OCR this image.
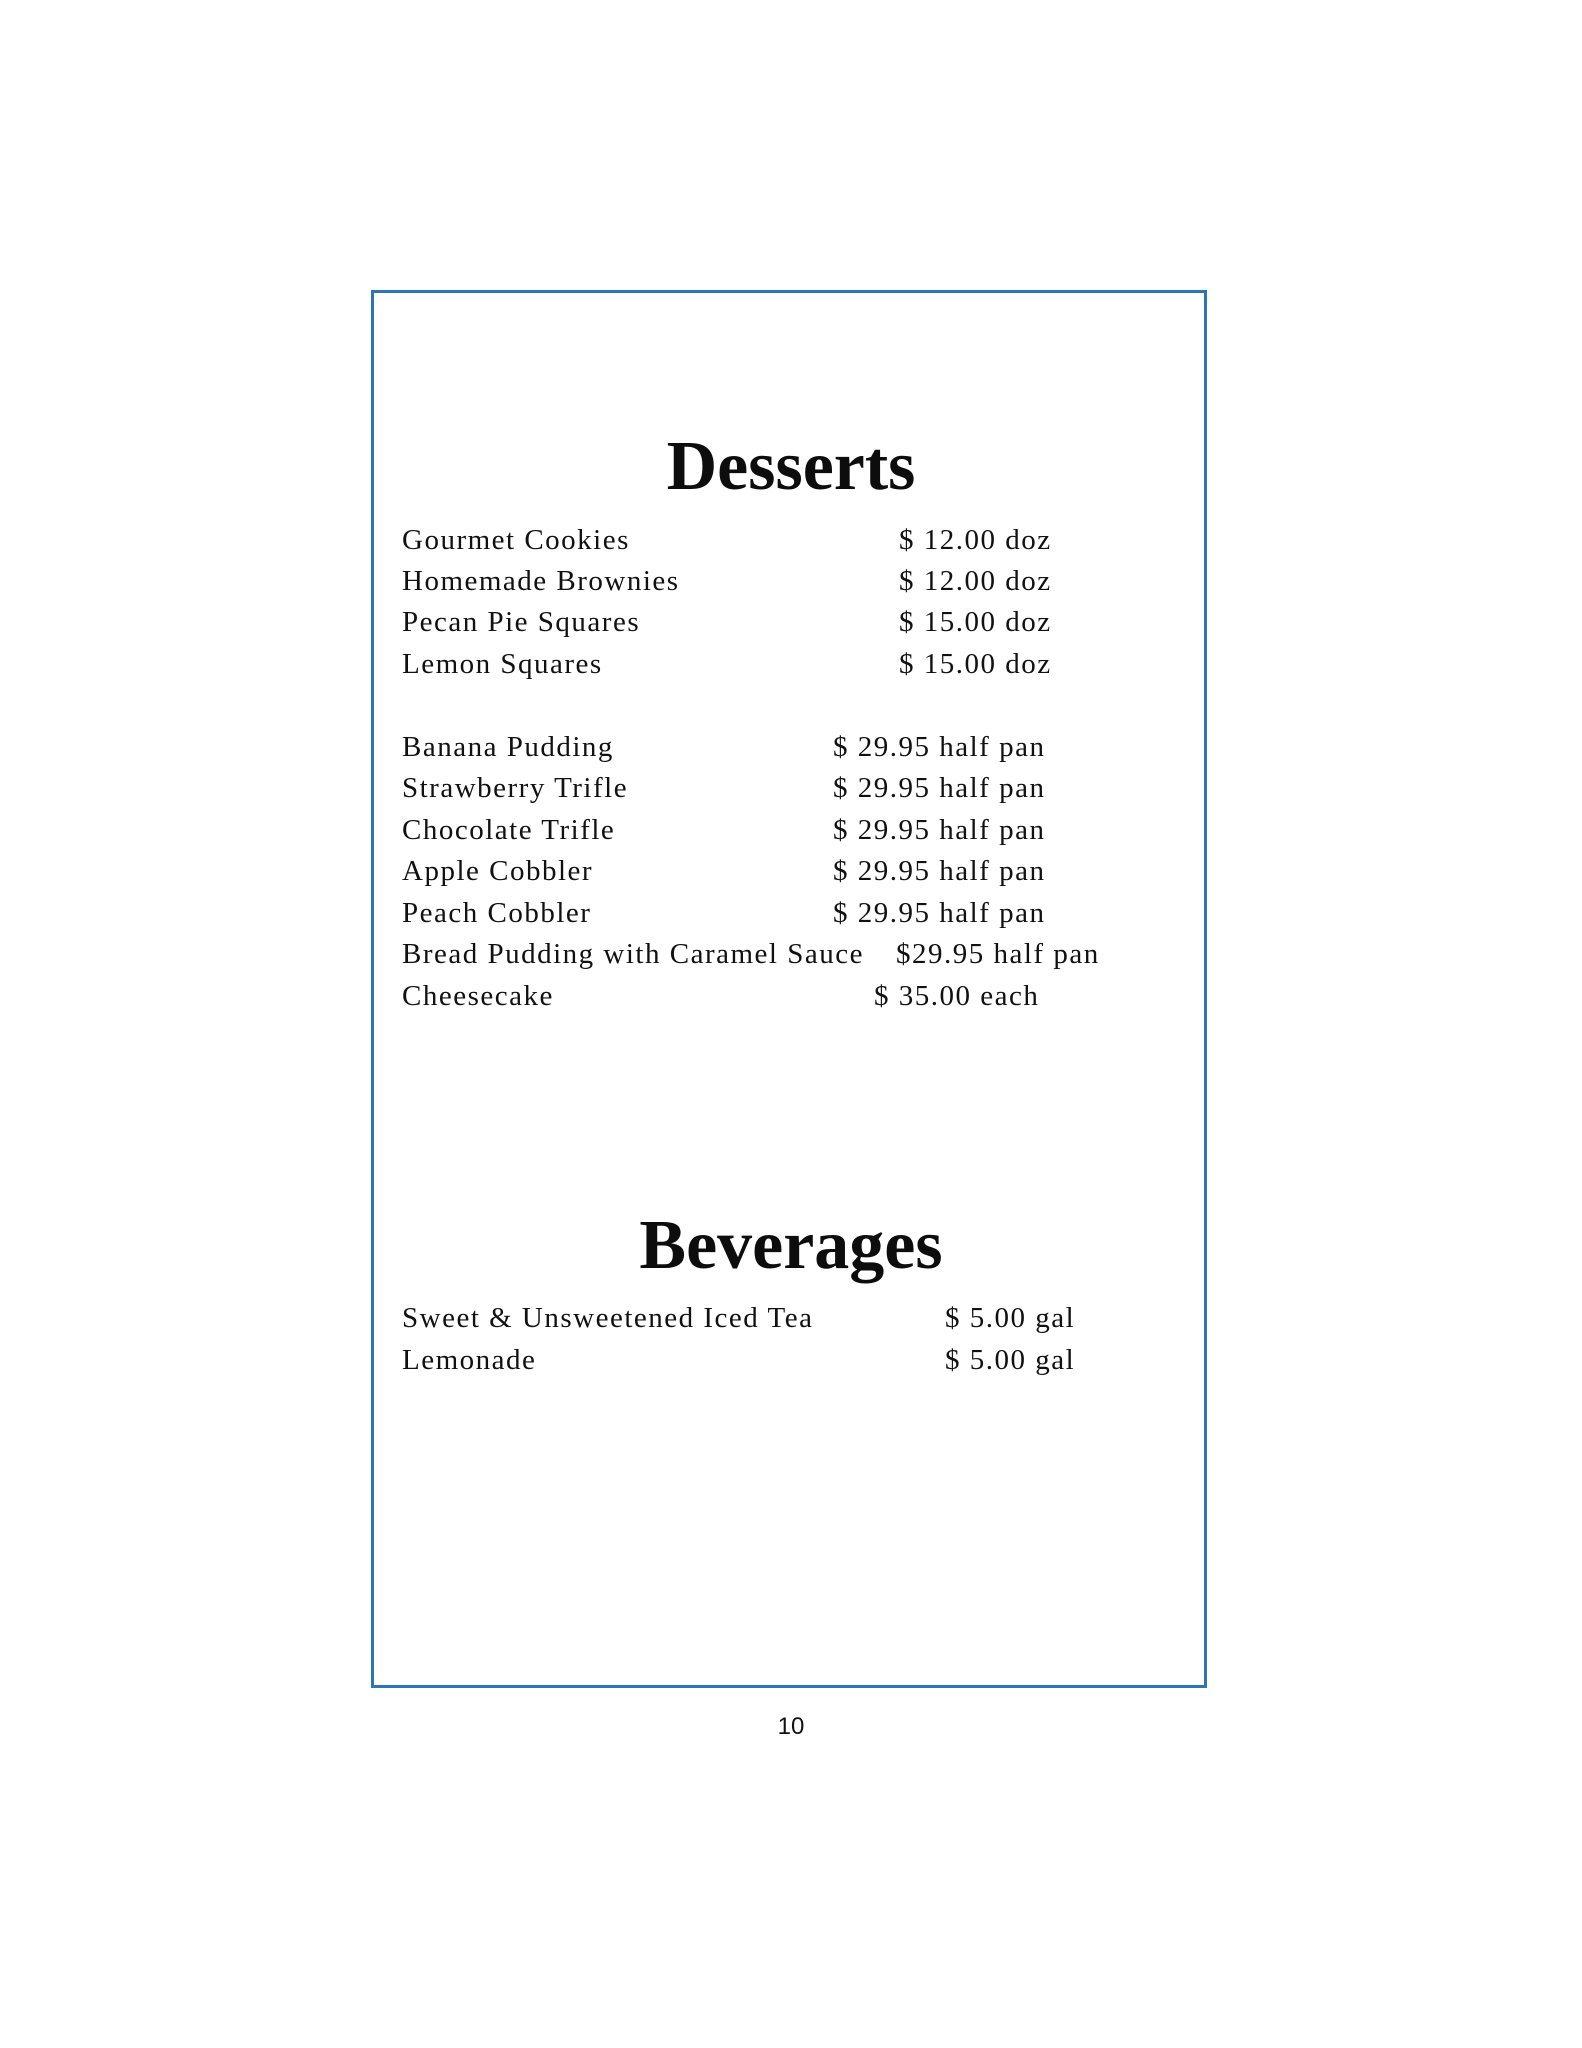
Desserts
Gourmet Cookies	$ 12.00 doz
Homemade Brownies	$ 12.00 doz
Pecan Pie Squares	$ 15.00 doz
Lemon Squares	$ 15.00 doz
Banana Pudding	$ 29.95 half pan
Strawberry Trifle	$ 29.95 half pan
Chocolate Trifle	$ 29.95 half pan
Apple Cobbler	$ 29.95 half pan
Peach Cobbler	$ 29.95 half pan
Bread Pudding with Caramel Sauce $29.95 half pan
Cheesecake	$ 35.00 each
Beverages
Sweet & Unsweetened Iced Tea	$ 5.00 gal
Lemonade	$ 5.00 gal
10
